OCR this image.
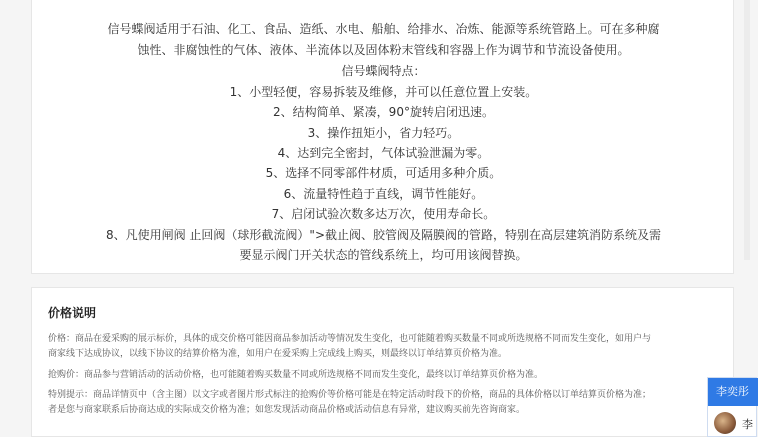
信号蝶阀适用于石油、化工、食品、造纸、水电、船舶、给排水、冶炼、能源等系统管路上。可在多种腐
蚀性、非腐蚀性的气体、液体、半流体以及固体粉末管线和容器上作为调节和节流设备使用。
信号蝶阀特点：
1、小型轻便，容易拆装及维修，并可以任意位置上安装。
2、结构简单、紧凑，90°旋转启闭迅速。
3、操作扭矩小，省力轻巧。
4、达到完全密封，气体试验泄漏为零。
5、选择不同零部件材质，可适用多种介质。
6、流量特性趋于直线，调节性能好。
7、启闭试验次数多达万次，使用寿命长。
8、凡使用闸阀 止回阀（球形截流阀）">截止阀、胶管阀及隔膜阀的管路，特别在高层建筑消防系统及需
要显示阀门开关状态的管线系统上，均可用该阀替换。
价格说明
价格：商品在爱采购的展示标价，具体的成交价格可能因商品参加活动等情况发生变化，也可能随着购买数量不同或所选规格不同而发生变化，如用户与
商家线下达成协议，以线下协议的结算价格为准，如用户在爱采购上完成线上购买，则最终以订单结算页价格为准。
抢购价：商品参与营销活动的活动价格，也可能随着购买数量不同或所选规格不同而发生变化，最终以订单结算页价格为准。
特别提示：商品详情页中（含主图）以文字或者图片形式标注的抢购价等价格可能是在特定活动时段下的价格，商品的具体价格以订单结算页价格为准；
者是您与商家联系后协商达成的实际成交价格为准；如您发现活动商品价格或活动信息有异常，建议购买前先咨询商家。
李奕彤
李
